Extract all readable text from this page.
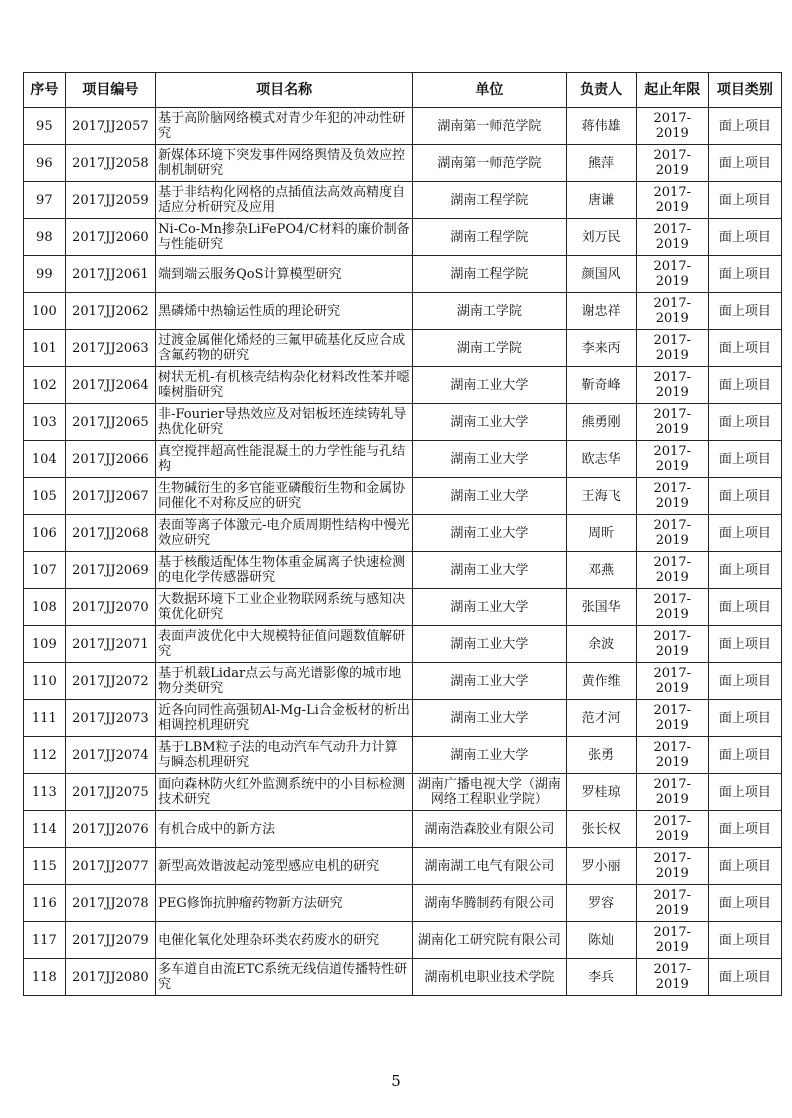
序号	项目编号	项目名称	单位	负责人	起止年限	项目类别
95	2017JJ2057	基于高阶脑网络模式对青少年犯的冲动性研究	湖南第一师范学院	蒋伟雄	2017-2019	面上项目
96	2017JJ2058	新媒体环境下突发事件网络舆情及负效应控制机制研究	湖南第一师范学院	熊萍	2017-2019	面上项目
97	2017JJ2059	基于非结构化网格的点插值法高效高精度自适应分析研究及应用	湖南工程学院	唐谦	2017-2019	面上项目
98	2017JJ2060	Ni-Co-Mn掺杂LiFePO4/C材料的廉价制备与性能研究	湖南工程学院	刘万民	2017-2019	面上项目
99	2017JJ2061	端到端云服务QoS计算模型研究	湖南工程学院	颜国风	2017-2019	面上项目
100	2017JJ2062	黑磷烯中热输运性质的理论研究	湖南工学院	谢忠祥	2017-2019	面上项目
101	2017JJ2063	过渡金属催化烯烃的三氟甲硫基化反应合成含氟药物的研究	湖南工学院	李来丙	2017-2019	面上项目
102	2017JJ2064	树状无机-有机核壳结构杂化材料改性苯并噁嗪树脂研究	湖南工业大学	靳奇峰	2017-2019	面上项目
103	2017JJ2065	非-Fourier导热效应及对铝板坯连续铸轧导热优化研究	湖南工业大学	熊勇刚	2017-2019	面上项目
104	2017JJ2066	真空搅拌超高性能混凝土的力学性能与孔结构	湖南工业大学	欧志华	2017-2019	面上项目
105	2017JJ2067	生物碱衍生的多官能亚磷酸衍生物和金属协同催化不对称反应的研究	湖南工业大学	王海飞	2017-2019	面上项目
106	2017JJ2068	表面等离子体激元-电介质周期性结构中慢光效应研究	湖南工业大学	周昕	2017-2019	面上项目
107	2017JJ2069	基于核酸适配体生物体重金属离子快速检测的电化学传感器研究	湖南工业大学	邓燕	2017-2019	面上项目
108	2017JJ2070	大数据环境下工业企业物联网系统与感知决策优化研究	湖南工业大学	张国华	2017-2019	面上项目
109	2017JJ2071	表面声波优化中大规模特征值问题数值解研究	湖南工业大学	余波	2017-2019	面上项目
110	2017JJ2072	基于机载Lidar点云与高光谱影像的城市地物分类研究	湖南工业大学	黄作维	2017-2019	面上项目
111	2017JJ2073	近各向同性高强韧Al-Mg-Li合金板材的析出相调控机理研究	湖南工业大学	范才河	2017-2019	面上项目
112	2017JJ2074	基于LBM粒子法的电动汽车气动升力计算与瞬态机理研究	湖南工业大学	张勇	2017-2019	面上项目
113	2017JJ2075	面向森林防火红外监测系统中的小目标检测技术研究	湖南广播电视大学（湖南网络工程职业学院）	罗桂琼	2017-2019	面上项目
114	2017JJ2076	有机合成中的新方法	湖南浩森胶业有限公司	张长权	2017-2019	面上项目
115	2017JJ2077	新型高效谐波起动笼型感应电机的研究	湖南湖工电气有限公司	罗小丽	2017-2019	面上项目
116	2017JJ2078	PEG修饰抗肿瘤药物新方法研究	湖南华腾制药有限公司	罗容	2017-2019	面上项目
117	2017JJ2079	电催化氧化处理杂环类农药废水的研究	湖南化工研究院有限公司	陈灿	2017-2019	面上项目
118	2017JJ2080	多车道自由流ETC系统无线信道传播特性研究	湖南机电职业技术学院	李兵	2017-2019	面上项目
5
